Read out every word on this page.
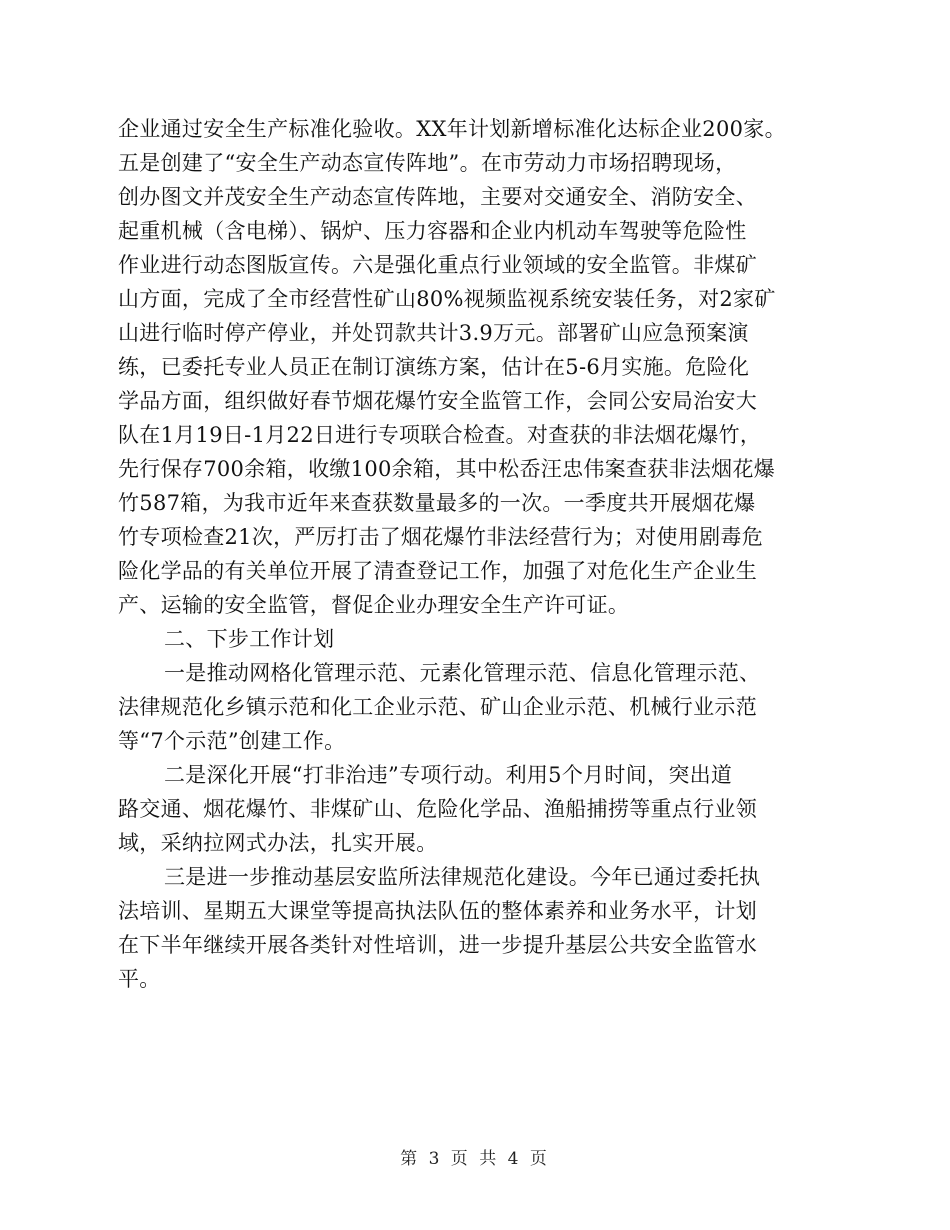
企业通过安全生产标准化验收。XX年计划新增标准化达标企业200家。
五是创建了“安全生产动态宣传阵地”。在市劳动力市场招聘现场，
创办图文并茂安全生产动态宣传阵地，主要对交通安全、消防安全、
起重机械（含电梯）、锅炉、压力容器和企业内机动车驾驶等危险性
作业进行动态图版宣传。六是强化重点行业领域的安全监管。非煤矿
山方面，完成了全市经营性矿山80%视频监视系统安装任务，对2家矿
山进行临时停产停业，并处罚款共计3.9万元。部署矿山应急预案演
练，已委托专业人员正在制订演练方案，估计在5-6月实施。危险化
学品方面，组织做好春节烟花爆竹安全监管工作，会同公安局治安大
队在1月19日-1月22日进行专项联合检查。对查获的非法烟花爆竹，
先行保存700余箱，收缴100余箱，其中松岙汪忠伟案查获非法烟花爆
竹587箱，为我市近年来查获数量最多的一次。一季度共开展烟花爆
竹专项检查21次，严厉打击了烟花爆竹非法经营行为；对使用剧毒危
险化学品的有关单位开展了清查登记工作，加强了对危化生产企业生
产、运输的安全监管，督促企业办理安全生产许可证。
二、下步工作计划
一是推动网格化管理示范、元素化管理示范、信息化管理示范、
法律规范化乡镇示范和化工企业示范、矿山企业示范、机械行业示范
等“7个示范”创建工作。
二是深化开展“打非治违”专项行动。利用5个月时间，突出道
路交通、烟花爆竹、非煤矿山、危险化学品、渔船捕捞等重点行业领
域，采纳拉网式办法，扎实开展。
三是进一步推动基层安监所法律规范化建设。今年已通过委托执
法培训、星期五大课堂等提高执法队伍的整体素养和业务水平，计划
在下半年继续开展各类针对性培训，进一步提升基层公共安全监管水
平。
第 3 页 共 4 页
